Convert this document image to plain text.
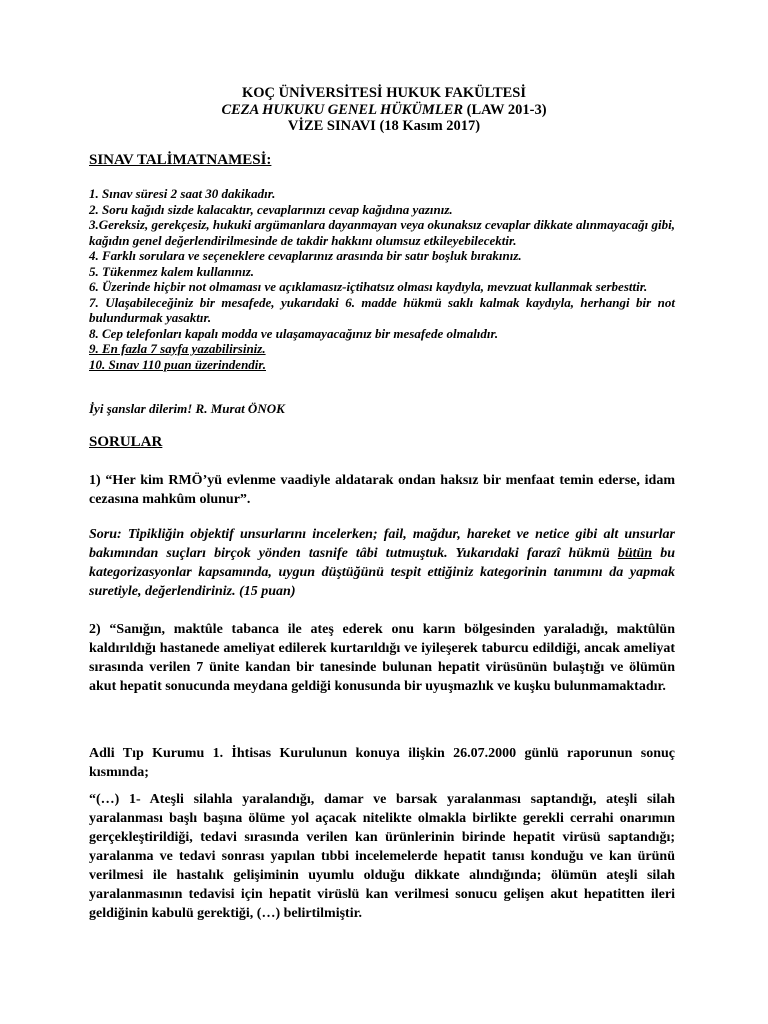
KOÇ ÜNİVERSİTESİ HUKUK FAKÜLTESİ
CEZA HUKUKU GENEL HÜKÜMLER (LAW 201-3)
VİZE SINAVI (18 Kasım 2017)
SINAV TALİMATNAMESİ:
1. Sınav süresi 2 saat 30 dakikadır.
2. Soru kağıdı sizde kalacaktır, cevaplarınızı cevap kağıdına yazınız.
3.Gereksiz, gerekçesiz, hukuki argümanlara dayanmayan veya okunaksız cevaplar dikkate alınmayacağı gibi, kağıdın genel değerlendirilmesinde de takdir hakkını olumsuz etkileyebilecektir.
4. Farklı sorulara ve seçeneklere cevaplarınız arasında bir satır boşluk bırakınız.
5. Tükenmez kalem kullanınız.
6. Üzerinde hiçbir not olmaması ve açıklamasız-içtihatsız olması kaydıyla, mevzuat kullanmak serbesttir.
7. Ulaşabileceğiniz bir mesafede, yukarıdaki 6. madde hükmü saklı kalmak kaydıyla, herhangi bir not bulundurmak yasaktır.
8. Cep telefonları kapalı modda ve ulaşamayacağınız bir mesafede olmalıdır.
9. En fazla 7 sayfa yazabilirsiniz.
10. Sınav 110 puan üzerindendir.
İyi şanslar dilerim! R. Murat ÖNOK
SORULAR
1) “Her kim RMÖ’yü evlenme vaadiyle aldatarak ondan haksız bir menfaat temin ederse, idam cezasına mahkûm olunur”.
Soru: Tipikliğin objektif unsurlarını incelerken; fail, mağdur, hareket ve netice gibi alt unsurlar bakımından suçları birçok yönden tasnife tâbi tutmuştuk. Yukarıdaki farazî hükmü bütün bu kategorizasyonlar kapsamında, uygun düştüğünü tespit ettiğiniz kategorinin tanımını da yapmak suretiyle, değerlendiriniz. (15 puan)
2) “Sanığın, maktûle tabanca ile ateş ederek onu karın bölgesinden yaraladığı, maktûlün kaldırıldığı hastanede ameliyat edilerek kurtarıldığı ve iyileşerek taburcu edildiği, ancak ameliyat sırasında verilen 7 ünite kandan bir tanesinde bulunan hepatit virüsünün bulaştığı ve ölümün akut hepatit sonucunda meydana geldiği konusunda bir uyuşmazlık ve kuşku bulunmamaktadır.
Adli Tıp Kurumu 1. İhtisas Kurulunun konuya ilişkin 26.07.2000 günlü raporunun sonuç kısmında;
“(…) 1- Ateşli silahla yaralandığı, damar ve barsak yaralanması saptandığı, ateşli silah yaralanması başlı başına ölüme yol açacak nitelikte olmakla birlikte gerekli cerrahi onarımın gerçekleştirildiği, tedavi sırasında verilen kan ürünlerinin birinde hepatit virüsü saptandığı; yaralanma ve tedavi sonrası yapılan tıbbi incelemelerde hepatit tanısı konduğu ve kan ürünü verilmesi ile hastalık gelişiminin uyumlu olduğu dikkate alındığında; ölümün ateşli silah yaralanmasının tedavisi için hepatit virüslü kan verilmesi sonucu gelişen akut hepatitten ileri geldiğinin kabulü gerektiği, (…) belirtilmiştir.
